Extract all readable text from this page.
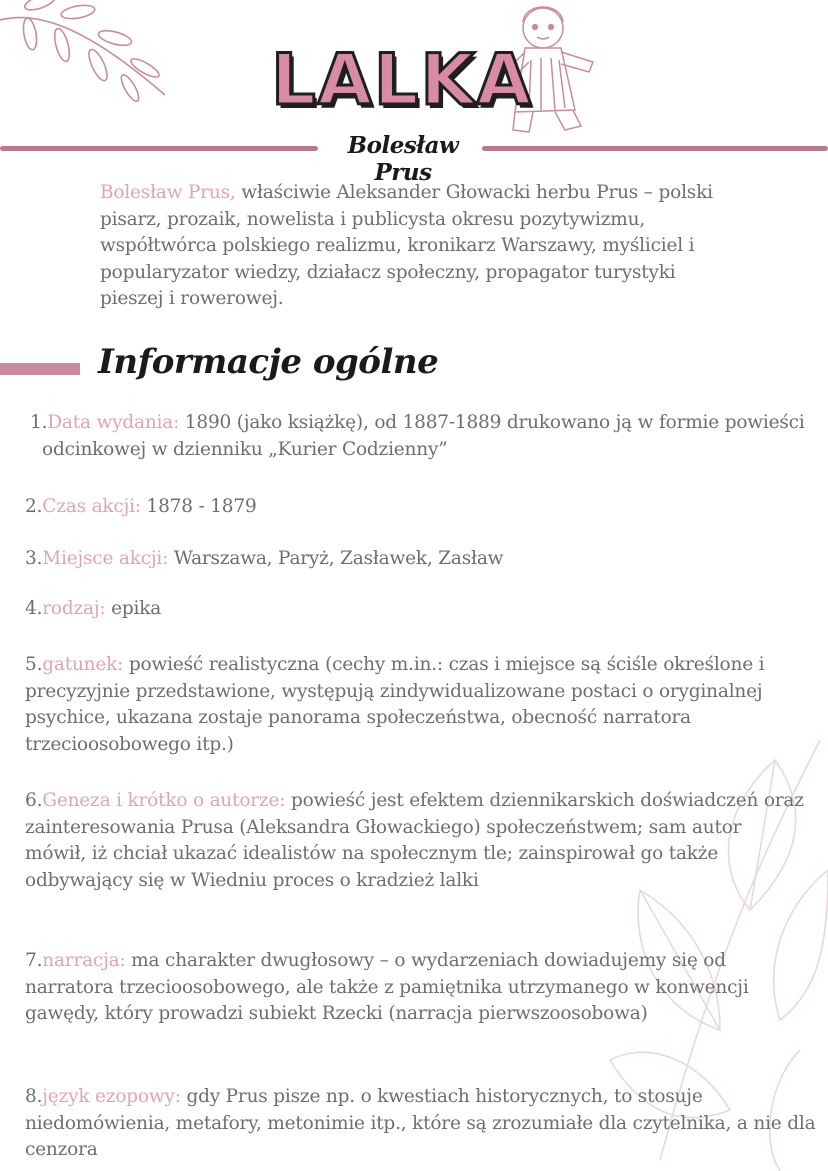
LALKA
Bolesław Prus
Bolesław Prus, właściwie Aleksander Głowacki herbu Prus – polski pisarz, prozaik, nowelista i publicysta okresu pozytywizmu, współtwórca polskiego realizmu, kronikarz Warszawy, myśliciel i popularyzator wiedzy, działacz społeczny, propagator turystyki pieszej i rowerowej.
Informacje ogólne
1.Data wydania: 1890 (jako książkę), od 1887-1889 drukowano ją w formie powieści odcinkowej w dzienniku „Kurier Codzienny”
2.Czas akcji: 1878 - 1879
3.Miejsce akcji: Warszawa, Paryż, Zasławek, Zasław
4.rodzaj: epika
5.gatunek: powieść realistyczna (cechy m.in.: czas i miejsce są ściśle określone i precyzyjnie przedstawione, występują zindywidualizowane postaci o oryginalnej psychice, ukazana zostaje panorama społeczeństwa, obecność narratora trzecioosobowego itp.)
6.Geneza i krótko o autorze: powieść jest efektem dziennikarskich doświadczeń oraz zainteresowania Prusa (Aleksandra Głowackiego) społeczeństwem; sam autor mówił, iż chciał ukazać idealistów na społecznym tle; zainspirował go także odbywający się w Wiedniu proces o kradzież lalki
7.narracja: ma charakter dwugłosowy – o wydarzeniach dowiadujemy się od narratora trzecioosobowego, ale także z pamiętnika utrzymanego w konwencji gawędy, który prowadzi subiekt Rzecki (narracja pierwszoosobowa)
8.język ezopowy: gdy Prus pisze np. o kwestiach historycznych, to stosuje niedomówienia, metafory, metonimie itp., które są zrozumiałe dla czytelnika, a nie dla cenzora
